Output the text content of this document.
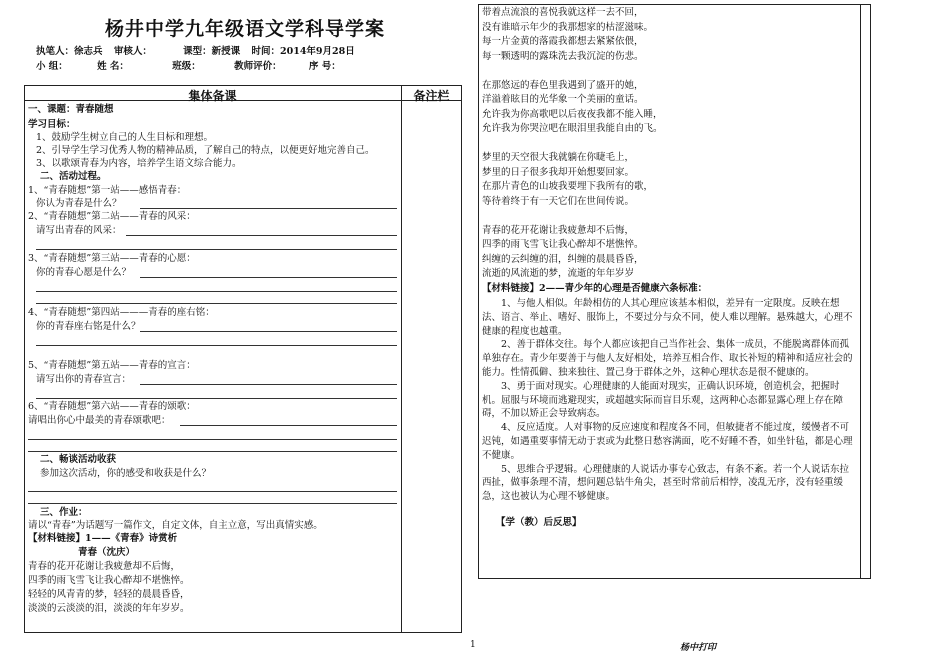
杨井中学九年级语文学科导学案
执笔人：徐志兵 审核人：	课型：新授课 时间：2014年9月28日
小 组：	姓 名：	班级：	教师评价：	序 号：
集体备课	备注栏
一、课题：青春随想
学习目标：
1、鼓励学生树立自己的人生目标和理想。
2、引导学生学习优秀人物的精神品质，了解自己的特点，以便更好地完善自己。
3、以歌颂青春为内容，培养学生语文综合能力。
二、活动过程。
1、“青春随想”第一站——感悟青春：
你认为青春是什么？
2、“青春随想”第二站——青春的风采：
请写出青春的风采：
3、“青春随想”第三站——青春的心愿：
你的青春心愿是什么？
4、“青春随想”第四站———青春的座右铭：
你的青春座右铭是什么？
5、“青春随想”第五站——青春的宣言：
请写出你的青春宣言：
6、“青春随想”第六站——青春的颂歌：
请唱出你心中最美的青春颂歌吧：
二、畅谈活动收获
参加这次活动，你的感受和收获是什么？
三、作业：
请以“青春”为话题写一篇作文，自定文体，自主立意，写出真情实感。
【材料链接】1——《青春》诗赏析
青春（沈庆）
青春的花开花谢让我疲惫却不后悔，
四季的雨飞雪飞让我心醉却不堪憔悴。
轻轻的风青青的梦，轻轻的晨晨昏昏，
淡淡的云淡淡的泪，淡淡的年年岁岁。
带着点流浪的喜悦我就这样一去不回，
没有谁暗示年少的我那想家的枯涩滋味。
每一片金黄的落霞我都想去紧紧依偎，
每一颗透明的露珠洗去我沉淀的伤悲。
在那悠远的春色里我遇到了盛开的她，
洋溢着眩目的光华象一个美丽的童话。
允许我为你高歌吧以后夜夜我都不能入睡，
允许我为你哭泣吧在眼泪里我能自由的飞。
梦里的天空很大我就躺在你睫毛上，
梦里的日子很多我却开始想要回家。
在那片青色的山坡我要埋下我所有的歌，
等待着终于有一天它们在世间传说。
青春的花开花谢让我疲惫却不后悔，
四季的雨飞雪飞让我心醉却不堪憔悴。
纠缠的云纠缠的泪，纠缠的晨晨昏昏，
流逝的风流逝的梦，流逝的年年岁岁
【材料链接】2——青少年的心理是否健康六条标准：

1、与他人相似。年龄相仿的人其心理应该基本相似，差异有一定限度。反映在想法、语言、举止、嗜好、服饰上，不要过分与众不同，使人难以理解。悬殊越大，心理不健康的程度也越重。

2、善于群体交往。每个人都应该把自己当作社会、集体一成员，不能脱离群体而孤单独存在。青少年要善于与他人友好相处，培养互相合作、取长补短的精神和适应社会的能力。性情孤僻、独来独往、置己身于群体之外，这种心理状态是很不健康的。

3、勇于面对现实。心理健康的人能面对现实，正确认识环境，创造机会，把握时机。屈服与环境而逃避现实，或超越实际而盲目乐观，这两种心态都显露心理上存在障碍，不加以矫正会导致病态。

4、反应适度。人对事物的反应速度和程度各不同，但敏捷者不能过度，缓慢者不可迟钝，如遇重要事情无动于衷或为此整日愁容满面，吃不好睡不香，如坐针毡，都是心理不健康。

5、思维合乎逻辑。心理健康的人说话办事专心致志，有条不紊。若一个人说话东拉西扯，做事条理不清，想问题总钻牛角尖，甚至时常前后相悖，凌乱无序，没有轻重缓急，这也被认为心理不够健康。

【学（教）后反思】
1	杨中打印
